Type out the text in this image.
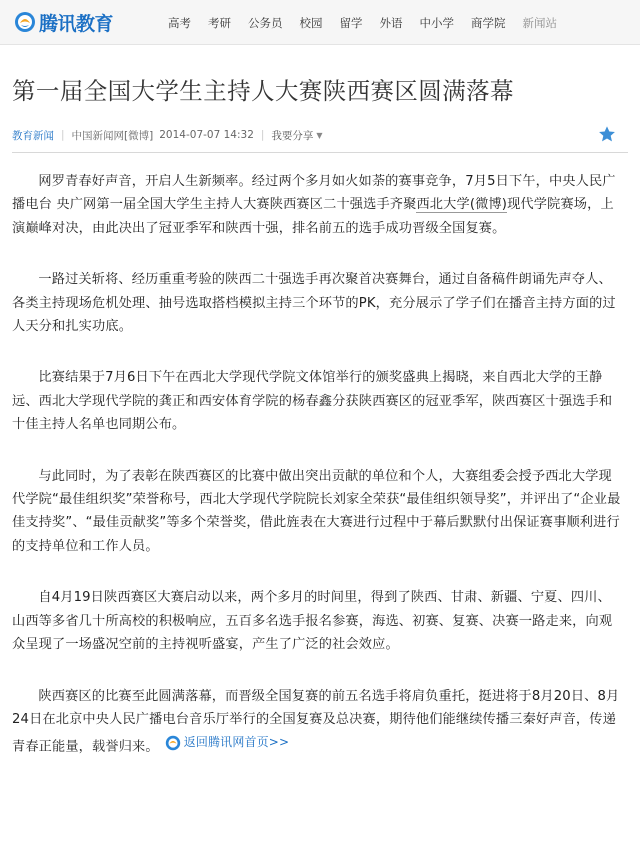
腾讯教育	高考 考研 公务员 校园 留学 外语 中小学 商学院 新闻站
第一届全国大学生主持人大赛陕西赛区圆满落幕
教育新闻 | 中国新闻网[微博] 2014-07-07 14:32 | 我要分享 ▼

网罗青春好声音，开启人生新频率。经过两个多月如火如荼的赛事竞争，7月5日下午，中央人民广播电台 央广网第一届全国大学生主持人大赛陕西赛区二十强选手齐聚西北大学(微博)现代学院赛场，上演巅峰对决，由此决出了冠亚季军和陕西十强，排名前五的选手成功晋级全国复赛。

一路过关斩将、经历重重考验的陕西二十强选手再次聚首决赛舞台，通过自备稿件朗诵先声夺人、各类主持现场危机处理、抽号选取搭档模拟主持三个环节的PK，充分展示了学子们在播音主持方面的过人天分和扎实功底。

比赛结果于7月6日下午在西北大学现代学院文体馆举行的颁奖盛典上揭晓，来自西北大学的王静远、西北大学现代学院的龚正和西安体育学院的杨春鑫分获陕西赛区的冠亚季军，陕西赛区十强选手和十佳主持人名单也同期公布。

与此同时，为了表彰在陕西赛区的比赛中做出突出贡献的单位和个人，大赛组委会授予西北大学现代学院“最佳组织奖”荣誉称号，西北大学现代学院院长刘家全荣获“最佳组织领导奖”，并评出了“企业最佳支持奖”、“最佳贡献奖”等多个荣誉奖，借此旌表在大赛进行过程中于幕后默默付出保证赛事顺利进行的支持单位和工作人员。

自4月19日陕西赛区大赛启动以来，两个多月的时间里，得到了陕西、甘肃、新疆、宁夏、四川、山西等多省几十所高校的积极响应，五百多名选手报名参赛，海选、初赛、复赛、决赛一路走来，向观众呈现了一场盛况空前的主持视听盛宴，产生了广泛的社会效应。

陕西赛区的比赛至此圆满落幕，而晋级全国复赛的前五名选手将肩负重托，挺进将于8月20日、8月24日在北京中央人民广播电台音乐厅举行的全国复赛及总决赛，期待他们能继续传播三秦好声音，传递青春正能量，载誉归来。 返回腾讯网首页>>
